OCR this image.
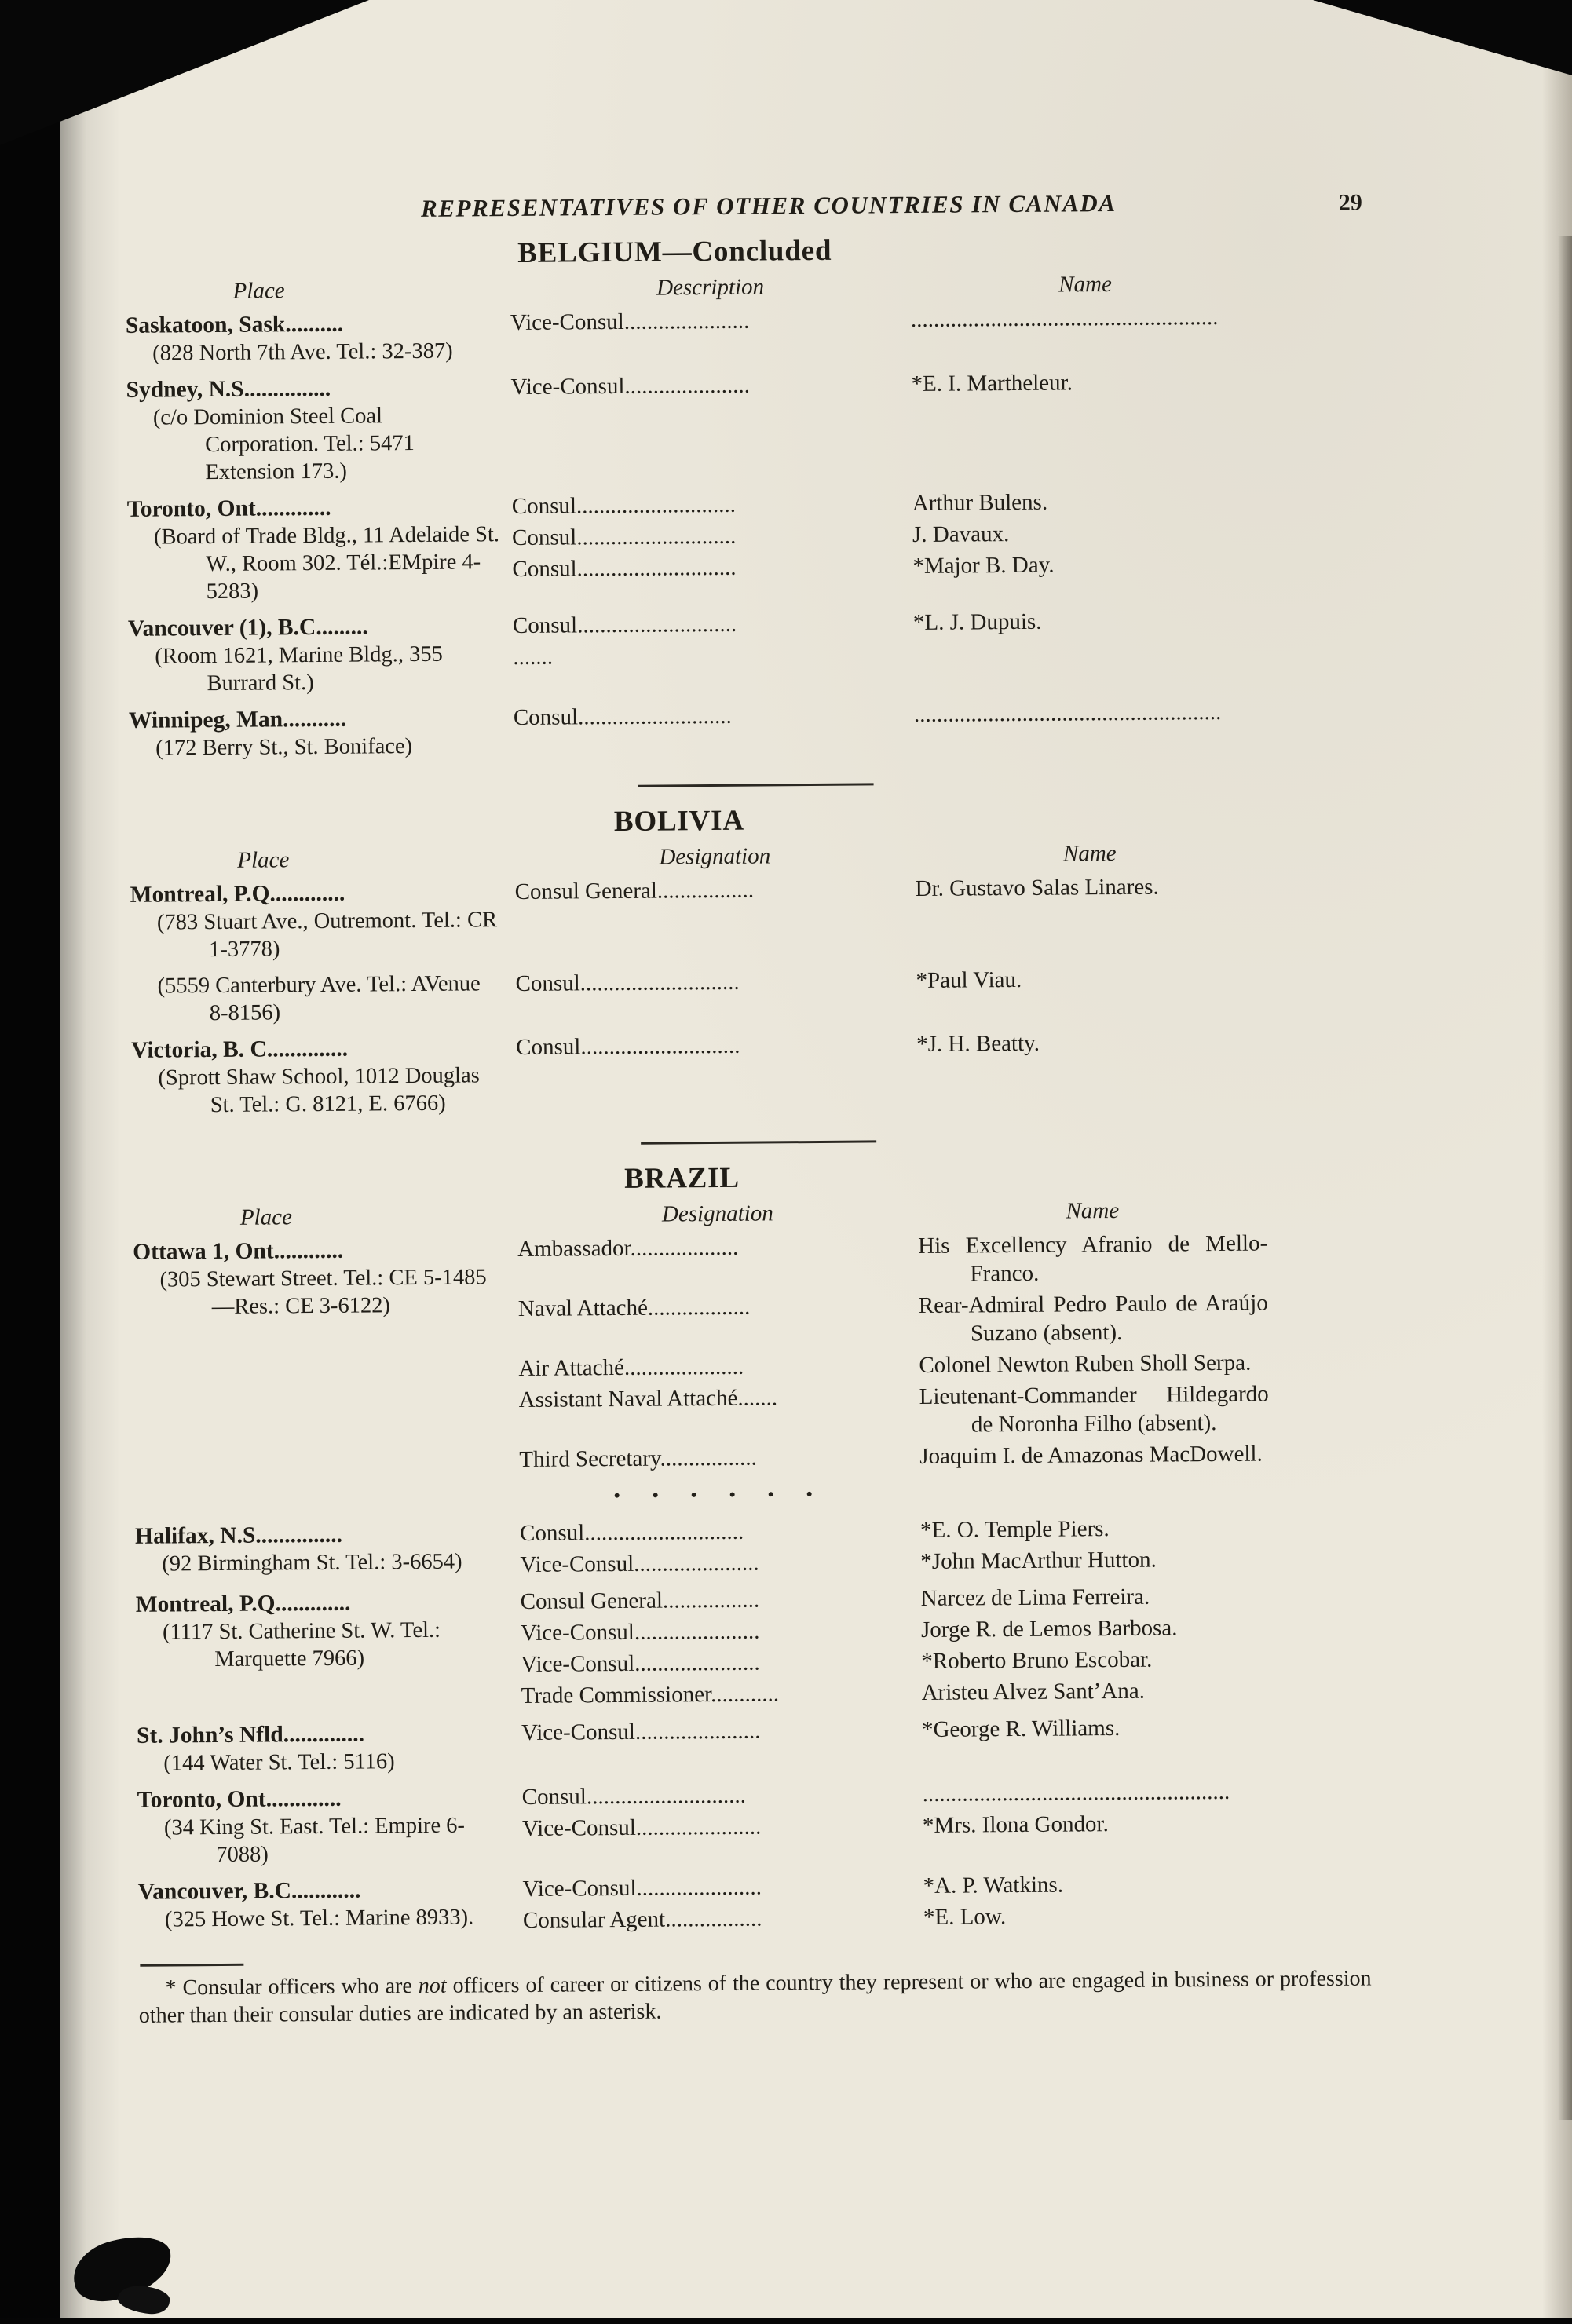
REPRESENTATIVES OF OTHER COUNTRIES IN CANADA	29
BELGIUM—Concluded
Place	Description	Name
Saskatoon, Sask..........
(828 North 7th Ave. Tel.: 32-387)
Vice-Consul......................	......................................................
Sydney, N.S...............
(c/o Dominion Steel Coal Corporation. Tel.: 5471 Extension 173.)
Vice-Consul......................	*E. I. Martheleur.
Toronto, Ont.............
(Board of Trade Bldg., 11 Adelaide St. W., Room 302. Tél.:EMpire 4-5283)
Consul............................	Arthur Bulens.
Consul............................	J. Davaux.
Consul............................	*Major B. Day.
Vancouver (1), B.C.........
(Room 1621, Marine Bldg., 355 Burrard St.)
Consul............................	*L. J. Dupuis.
.......
Winnipeg, Man...........
(172 Berry St., St. Boniface)
Consul...........................	......................................................
BOLIVIA
Place	Designation	Name
Montreal, P.Q.............
(783 Stuart Ave., Outremont. Tel.: CR 1-3778)
Consul General.................	Dr. Gustavo Salas Linares.
(5559 Canterbury Ave. Tel.: AVenue 8-8156)
Consul............................	*Paul Viau.
Victoria, B. C..............
(Sprott Shaw School, 1012 Douglas St. Tel.: G. 8121, E. 6766)
Consul............................	*J. H. Beatty.
BRAZIL
Place	Designation	Name
Ottawa 1, Ont............
(305 Stewart Street. Tel.: CE 5-1485—Res.: CE 3-6122)
Ambassador...................	His Excellency Afranio de Mello-Franco.
Naval Attaché..................	Rear-Admiral Pedro Paulo de Araújo Suzano (absent).
Air Attaché.....................	Colonel Newton Ruben Sholl Serpa.
Assistant Naval Attaché.......	Lieutenant-Commander Hildegardo de Noronha Filho (absent).
Third Secretary.................	Joaquim I. de Amazonas MacDowell.
• • • • • •
Halifax, N.S...............
(92 Birmingham St. Tel.: 3-6654)
Consul............................	*E. O. Temple Piers.
Vice-Consul......................	*John MacArthur Hutton.
Montreal, P.Q.............
(1117 St. Catherine St. W. Tel.: Marquette 7966)
Consul General.................	Narcez de Lima Ferreira.
Vice-Consul......................	Jorge R. de Lemos Barbosa.
Vice-Consul......................	*Roberto Bruno Escobar.
Trade Commissioner............	Aristeu Alvez Sant’Ana.
St. John’s Nfld..............
(144 Water St. Tel.: 5116)
Vice-Consul......................	*George R. Williams.
Toronto, Ont.............
(34 King St. East. Tel.: Empire 6-7088)
Consul............................	......................................................
Vice-Consul......................	*Mrs. Ilona Gondor.
Vancouver, B.C............
(325 Howe St. Tel.: Marine 8933).
Vice-Consul......................	*A. P. Watkins.
Consular Agent.................	*E. Low.

* Consular officers who are not officers of career or citizens of the country they represent or who are engaged in business or profession other than their consular duties are indicated by an asterisk.
